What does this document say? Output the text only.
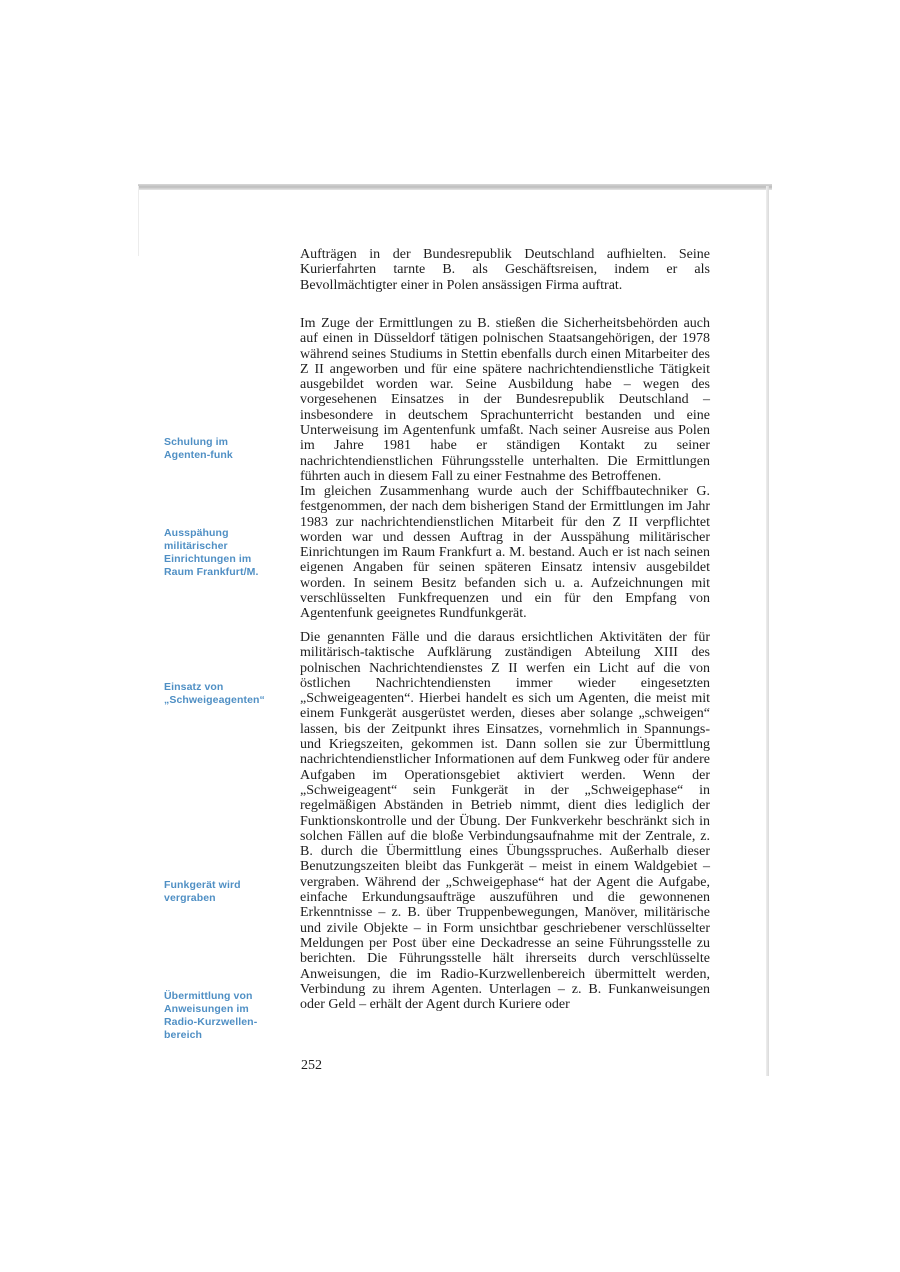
Schulung im Agenten-funk
Ausspähung militärischer Einrichtungen im Raum Frankfurt/M.
Einsatz von „Schweigeagenten“
Funkgerät wird vergraben
Übermittlung von Anweisungen im Radio-Kurzwellen-bereich

Aufträgen in der Bundesrepublik Deutschland aufhielten. Seine Kurierfahrten tarnte B. als Geschäftsreisen, indem er als Bevollmächtigter einer in Polen ansässigen Firma auftrat.

Im Zuge der Ermittlungen zu B. stießen die Sicherheitsbehörden auch auf einen in Düsseldorf tätigen polnischen Staatsangehörigen, der 1978 während seines Studiums in Stettin ebenfalls durch einen Mitarbeiter des Z II angeworben und für eine spätere nachrichtendienstliche Tätigkeit ausgebildet worden war. Seine Ausbildung habe – wegen des vorgesehenen Einsatzes in der Bundesrepublik Deutschland – insbesondere in deutschem Sprachunterricht bestanden und eine Unterweisung im Agentenfunk umfaßt. Nach seiner Ausreise aus Polen im Jahre 1981 habe er ständigen Kontakt zu seiner nachrichtendienstlichen Führungsstelle unterhalten. Die Ermittlungen führten auch in diesem Fall zu einer Festnahme des Betroffenen.

Im gleichen Zusammenhang wurde auch der Schiffbautechniker G. festgenommen, der nach dem bisherigen Stand der Ermittlungen im Jahr 1983 zur nachrichtendienstlichen Mitarbeit für den Z II verpflichtet worden war und dessen Auftrag in der Ausspähung militärischer Einrichtungen im Raum Frankfurt a. M. bestand. Auch er ist nach seinen eigenen Angaben für seinen späteren Einsatz intensiv ausgebildet worden. In seinem Besitz befanden sich u. a. Aufzeichnungen mit verschlüsselten Funkfrequenzen und ein für den Empfang von Agentenfunk geeignetes Rundfunkgerät.

Die genannten Fälle und die daraus ersichtlichen Aktivitäten der für militärisch-taktische Aufklärung zuständigen Abteilung XIII des polnischen Nachrichtendienstes Z II werfen ein Licht auf die von östlichen Nachrichtendiensten immer wieder eingesetzten „Schweigeagenten“. Hierbei handelt es sich um Agenten, die meist mit einem Funkgerät ausgerüstet werden, dieses aber solange „schweigen“ lassen, bis der Zeitpunkt ihres Einsatzes, vornehmlich in Spannungs- und Kriegszeiten, gekommen ist. Dann sollen sie zur Übermittlung nachrichtendienstlicher Informationen auf dem Funkweg oder für andere Aufgaben im Operationsgebiet aktiviert werden. Wenn der „Schweigeagent“ sein Funkgerät in der „Schweigephase“ in regelmäßigen Abständen in Betrieb nimmt, dient dies lediglich der Funktionskontrolle und der Übung. Der Funkverkehr beschränkt sich in solchen Fällen auf die bloße Verbindungsaufnahme mit der Zentrale, z. B. durch die Übermittlung eines Übungsspruches. Außerhalb dieser Benutzungszeiten bleibt das Funkgerät – meist in einem Waldgebiet – vergraben. Während der „Schweigephase“ hat der Agent die Aufgabe, einfache Erkundungsaufträge auszuführen und die gewonnenen Erkenntnisse – z. B. über Truppenbewegungen, Manöver, militärische und zivile Objekte – in Form unsichtbar geschriebener verschlüsselter Meldungen per Post über eine Deckadresse an seine Führungsstelle zu berichten. Die Führungsstelle hält ihrerseits durch verschlüsselte Anweisungen, die im Radio-Kurzwellenbereich übermittelt werden, Verbindung zu ihrem Agenten. Unterlagen – z. B. Funkanweisungen oder Geld – erhält der Agent durch Kuriere oder

252
